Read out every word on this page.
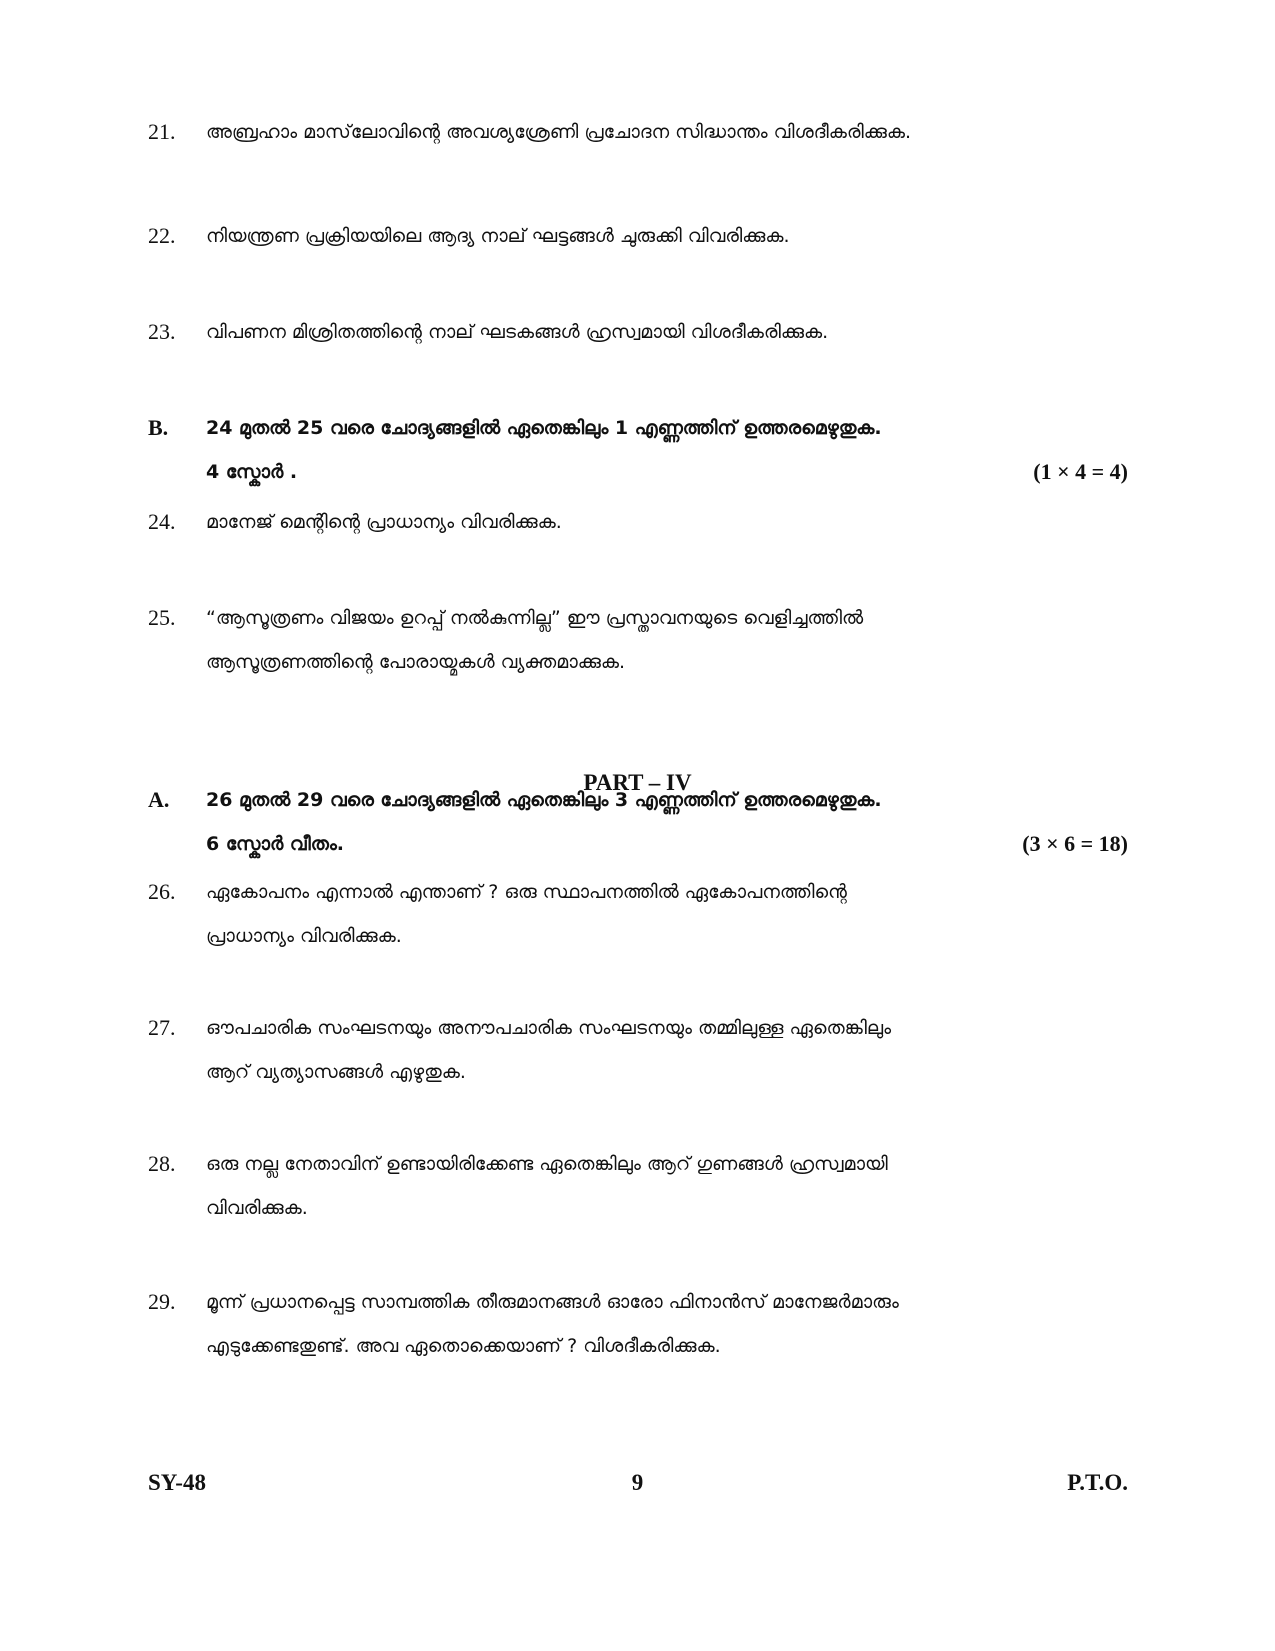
21.	അബ്രഹാം മാസ്‌ലോവിന്റെ അവശ്യശ്രേണി പ്രചോദന സിദ്ധാന്തം വിശദീകരിക്കുക.
22.	നിയന്ത്രണ പ്രക്രിയയിലെ ആദ്യ നാല് ഘട്ടങ്ങൾ ചുരുക്കി വിവരിക്കുക.
23.	വിപണന മിശ്രിതത്തിന്റെ നാല് ഘടകങ്ങൾ ഹ്രസ്വമായി വിശദീകരിക്കുക.
B. 24 മുതൽ 25 വരെ ചോദ്യങ്ങളിൽ ഏതെങ്കിലും 1 എണ്ണത്തിന് ഉത്തരമെഴുതുക.
4 സ്കോർ .	(1 × 4 = 4)
24.	മാനേജ് മെന്റിന്റെ പ്രാധാന്യം വിവരിക്കുക.
25.	“ആസൂത്രണം വിജയം ഉറപ്പ് നൽകുന്നില്ല” ഈ പ്രസ്താവനയുടെ വെളിച്ചത്തിൽ
ആസൂത്രണത്തിന്റെ പോരായ്മകൾ വ്യക്തമാക്കുക.
PART – IV
A. 26 മുതൽ 29 വരെ ചോദ്യങ്ങളിൽ ഏതെങ്കിലും 3 എണ്ണത്തിന് ഉത്തരമെഴുതുക.
6 സ്കോർ വീതം.	(3 × 6 = 18)
26.	ഏകോപനം എന്നാൽ എന്താണ് ? ഒരു സ്ഥാപനത്തിൽ ഏകോപനത്തിന്റെ
പ്രാധാന്യം വിവരിക്കുക.
27.	ഔപചാരിക സംഘടനയും അനൗപചാരിക സംഘടനയും തമ്മിലുള്ള ഏതെങ്കിലും
ആറ് വ്യത്യാസങ്ങൾ എഴുതുക.
28.	ഒരു നല്ല നേതാവിന് ഉണ്ടായിരിക്കേണ്ട ഏതെങ്കിലും ആറ് ഗുണങ്ങൾ ഹ്രസ്വമായി
വിവരിക്കുക.
29.	മൂന്ന് പ്രധാനപ്പെട്ട സാമ്പത്തിക തീരുമാനങ്ങൾ ഓരോ ഫിനാൻസ് മാനേജർമാരും
എടുക്കേണ്ടതുണ്ട്. അവ ഏതൊക്കെയാണ് ? വിശദീകരിക്കുക.
SY-48	9	P.T.O.
